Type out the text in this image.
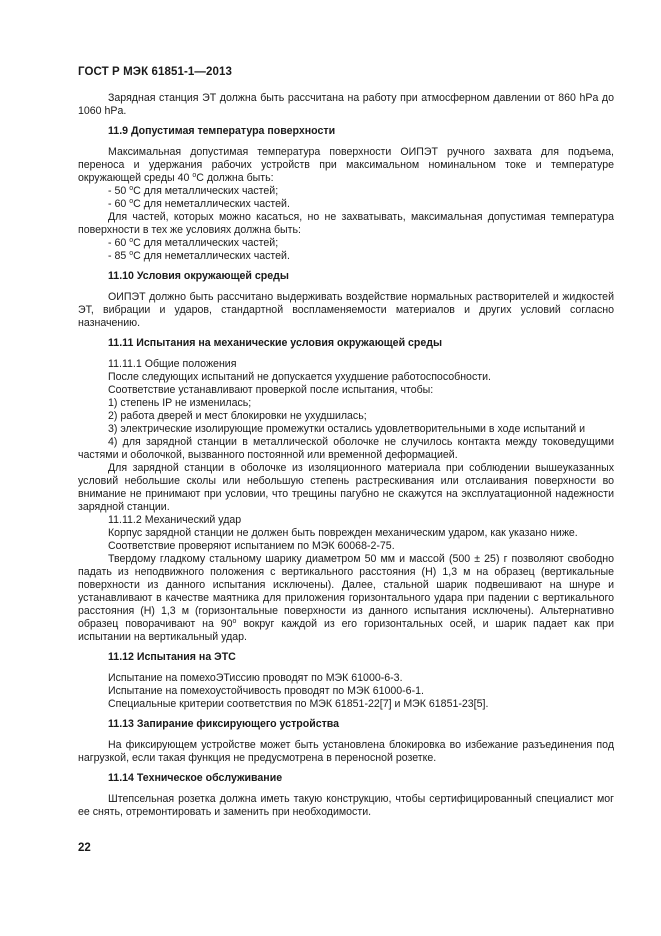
ГОСТ Р МЭК 61851-1—2013

Зарядная станция ЭТ должна быть рассчитана на работу при атмосферном давлении от 860 hPa до 1060 hPa.

11.9 Допустимая температура поверхности

Максимальная допустимая температура поверхности ОИПЭТ ручного захвата для подъема, переноса и удержания рабочих устройств при максимальном номинальном токе и температуре окружающей среды 40 $^о$С должна быть:

- 50 $^о$С для металлических частей;

- 60 $^о$С для неметаллических частей.

Для частей, которых можно касаться, но не захватывать, максимальная допустимая температура поверхности в тех же условиях должна быть:

- 60 $^о$С для металлических частей;

- 85 $^о$С для неметаллических частей.

11.10 Условия окружающей среды

ОИПЭТ должно быть рассчитано выдерживать воздействие нормальных растворителей и жидкостей ЭТ, вибрации и ударов, стандартной воспламеняемости материалов и других условий согласно назначению.

11.11 Испытания на механические условия окружающей среды

11.11.1 Общие положения

После следующих испытаний не допускается ухудшение работоспособности.

Соответствие устанавливают проверкой после испытания, чтобы:

1) степень IP не изменилась;

2) работа дверей и мест блокировки не ухудшилась;

3) электрические изолирующие промежутки остались удовлетворительными в ходе испытаний и

4) для зарядной станции в металлической оболочке не случилось контакта между токоведущими частями и оболочкой, вызванного постоянной или временной деформацией.

Для зарядной станции в оболочке из изоляционного материала при соблюдении вышеуказанных условий небольшие сколы или небольшую степень растрескивания или отслаивания поверхности во внимание не принимают при условии, что трещины пагубно не скажутся на эксплуатационной надежности зарядной станции.

11.11.2 Механический удар

Корпус зарядной станции не должен быть поврежден механическим ударом, как указано ниже.

Соответствие проверяют испытанием по МЭК 60068-2-75.

Твердому гладкому стальному шарику диаметром 50 мм и массой (500 ± 25) г позволяют свободно падать из неподвижного положения с вертикального расстояния (Н) 1,3 м на образец (вертикальные поверхности из данного испытания исключены). Далее, стальной шарик подвешивают на шнуре и устанавливают в качестве маятника для приложения горизонтального удара при падении с вертикального расстояния (Н) 1,3 м (горизонтальные поверхности из данного испытания исключены). Альтернативно образец поворачивают на $90^о$ вокруг каждой из его горизонтальных осей, и шарик падает как при испытании на вертикальный удар.

11.12 Испытания на ЭТС

Испытание на помехоЭТиссию проводят по МЭК 61000-6-3.

Испытание на помехоустойчивость проводят по МЭК 61000-6-1.

Специальные критерии соответствия по МЭК 61851-22[7] и МЭК 61851-23[5].

11.13 Запирание фиксирующего устройства

На фиксирующем устройстве может быть установлена блокировка во избежание разъединения под нагрузкой, если такая функция не предусмотрена в переносной розетке.

11.14 Техническое обслуживание

Штепсельная розетка должна иметь такую конструкцию, чтобы сертифицированный специалист мог ее снять, отремонтировать и заменить при необходимости.

22
